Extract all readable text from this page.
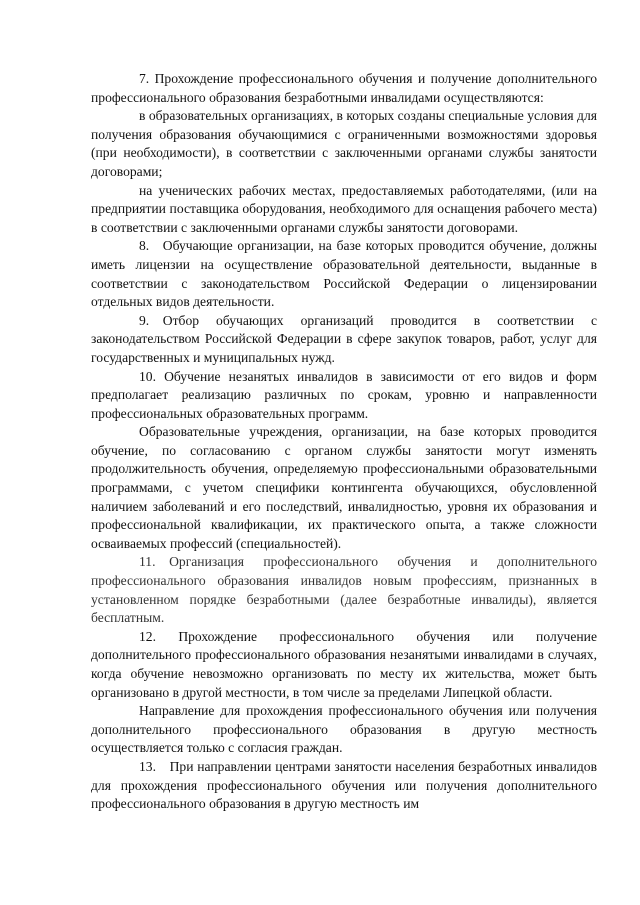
7. Прохождение профессионального обучения и получение дополнительного профессионального образования безработными инвалидами осуществляются:

в образовательных организациях, в которых созданы специальные условия для получения образования обучающимися с ограниченными возможностями здоровья (при необходимости), в соответствии с заключенными органами службы занятости договорами;

на ученических рабочих местах, предоставляемых работодателями, (или на предприятии поставщика оборудования, необходимого для оснащения рабочего места) в соответствии с заключенными органами службы занятости договорами.

8. Обучающие организации, на базе которых проводится обучение, должны иметь лицензии на осуществление образовательной деятельности, выданные в соответствии с законодательством Российской Федерации о лицензировании отдельных видов деятельности.

9. Отбор обучающих организаций проводится в соответствии с законодательством Российской Федерации в сфере закупок товаров, работ, услуг для государственных и муниципальных нужд.

10. Обучение незанятых инвалидов в зависимости от его видов и форм предполагает реализацию различных по срокам, уровню и направленности профессиональных образовательных программ.

Образовательные учреждения, организации, на базе которых проводится обучение, по согласованию с органом службы занятости могут изменять продолжительность обучения, определяемую профессиональными образовательными программами, с учетом специфики контингента обучающихся, обусловленной наличием заболеваний и его последствий, инвалидностью, уровня их образования и профессиональной квалификации, их практического опыта, а также сложности осваиваемых профессий (специальностей).

11. Организация профессионального обучения и дополнительного профессионального образования инвалидов новым профессиям, признанных в установленном порядке безработными (далее безработные инвалиды), является бесплатным.

12. Прохождение профессионального обучения или получение дополнительного профессионального образования незанятыми инвалидами в случаях, когда обучение невозможно организовать по месту их жительства, может быть организовано в другой местности, в том числе за пределами Липецкой области.

Направление для прохождения профессионального обучения или получения дополнительного профессионального образования в другую местность осуществляется только с согласия граждан.

13. При направлении центрами занятости населения безработных инвалидов для прохождения профессионального обучения или получения дополнительного профессионального образования в другую местность им
